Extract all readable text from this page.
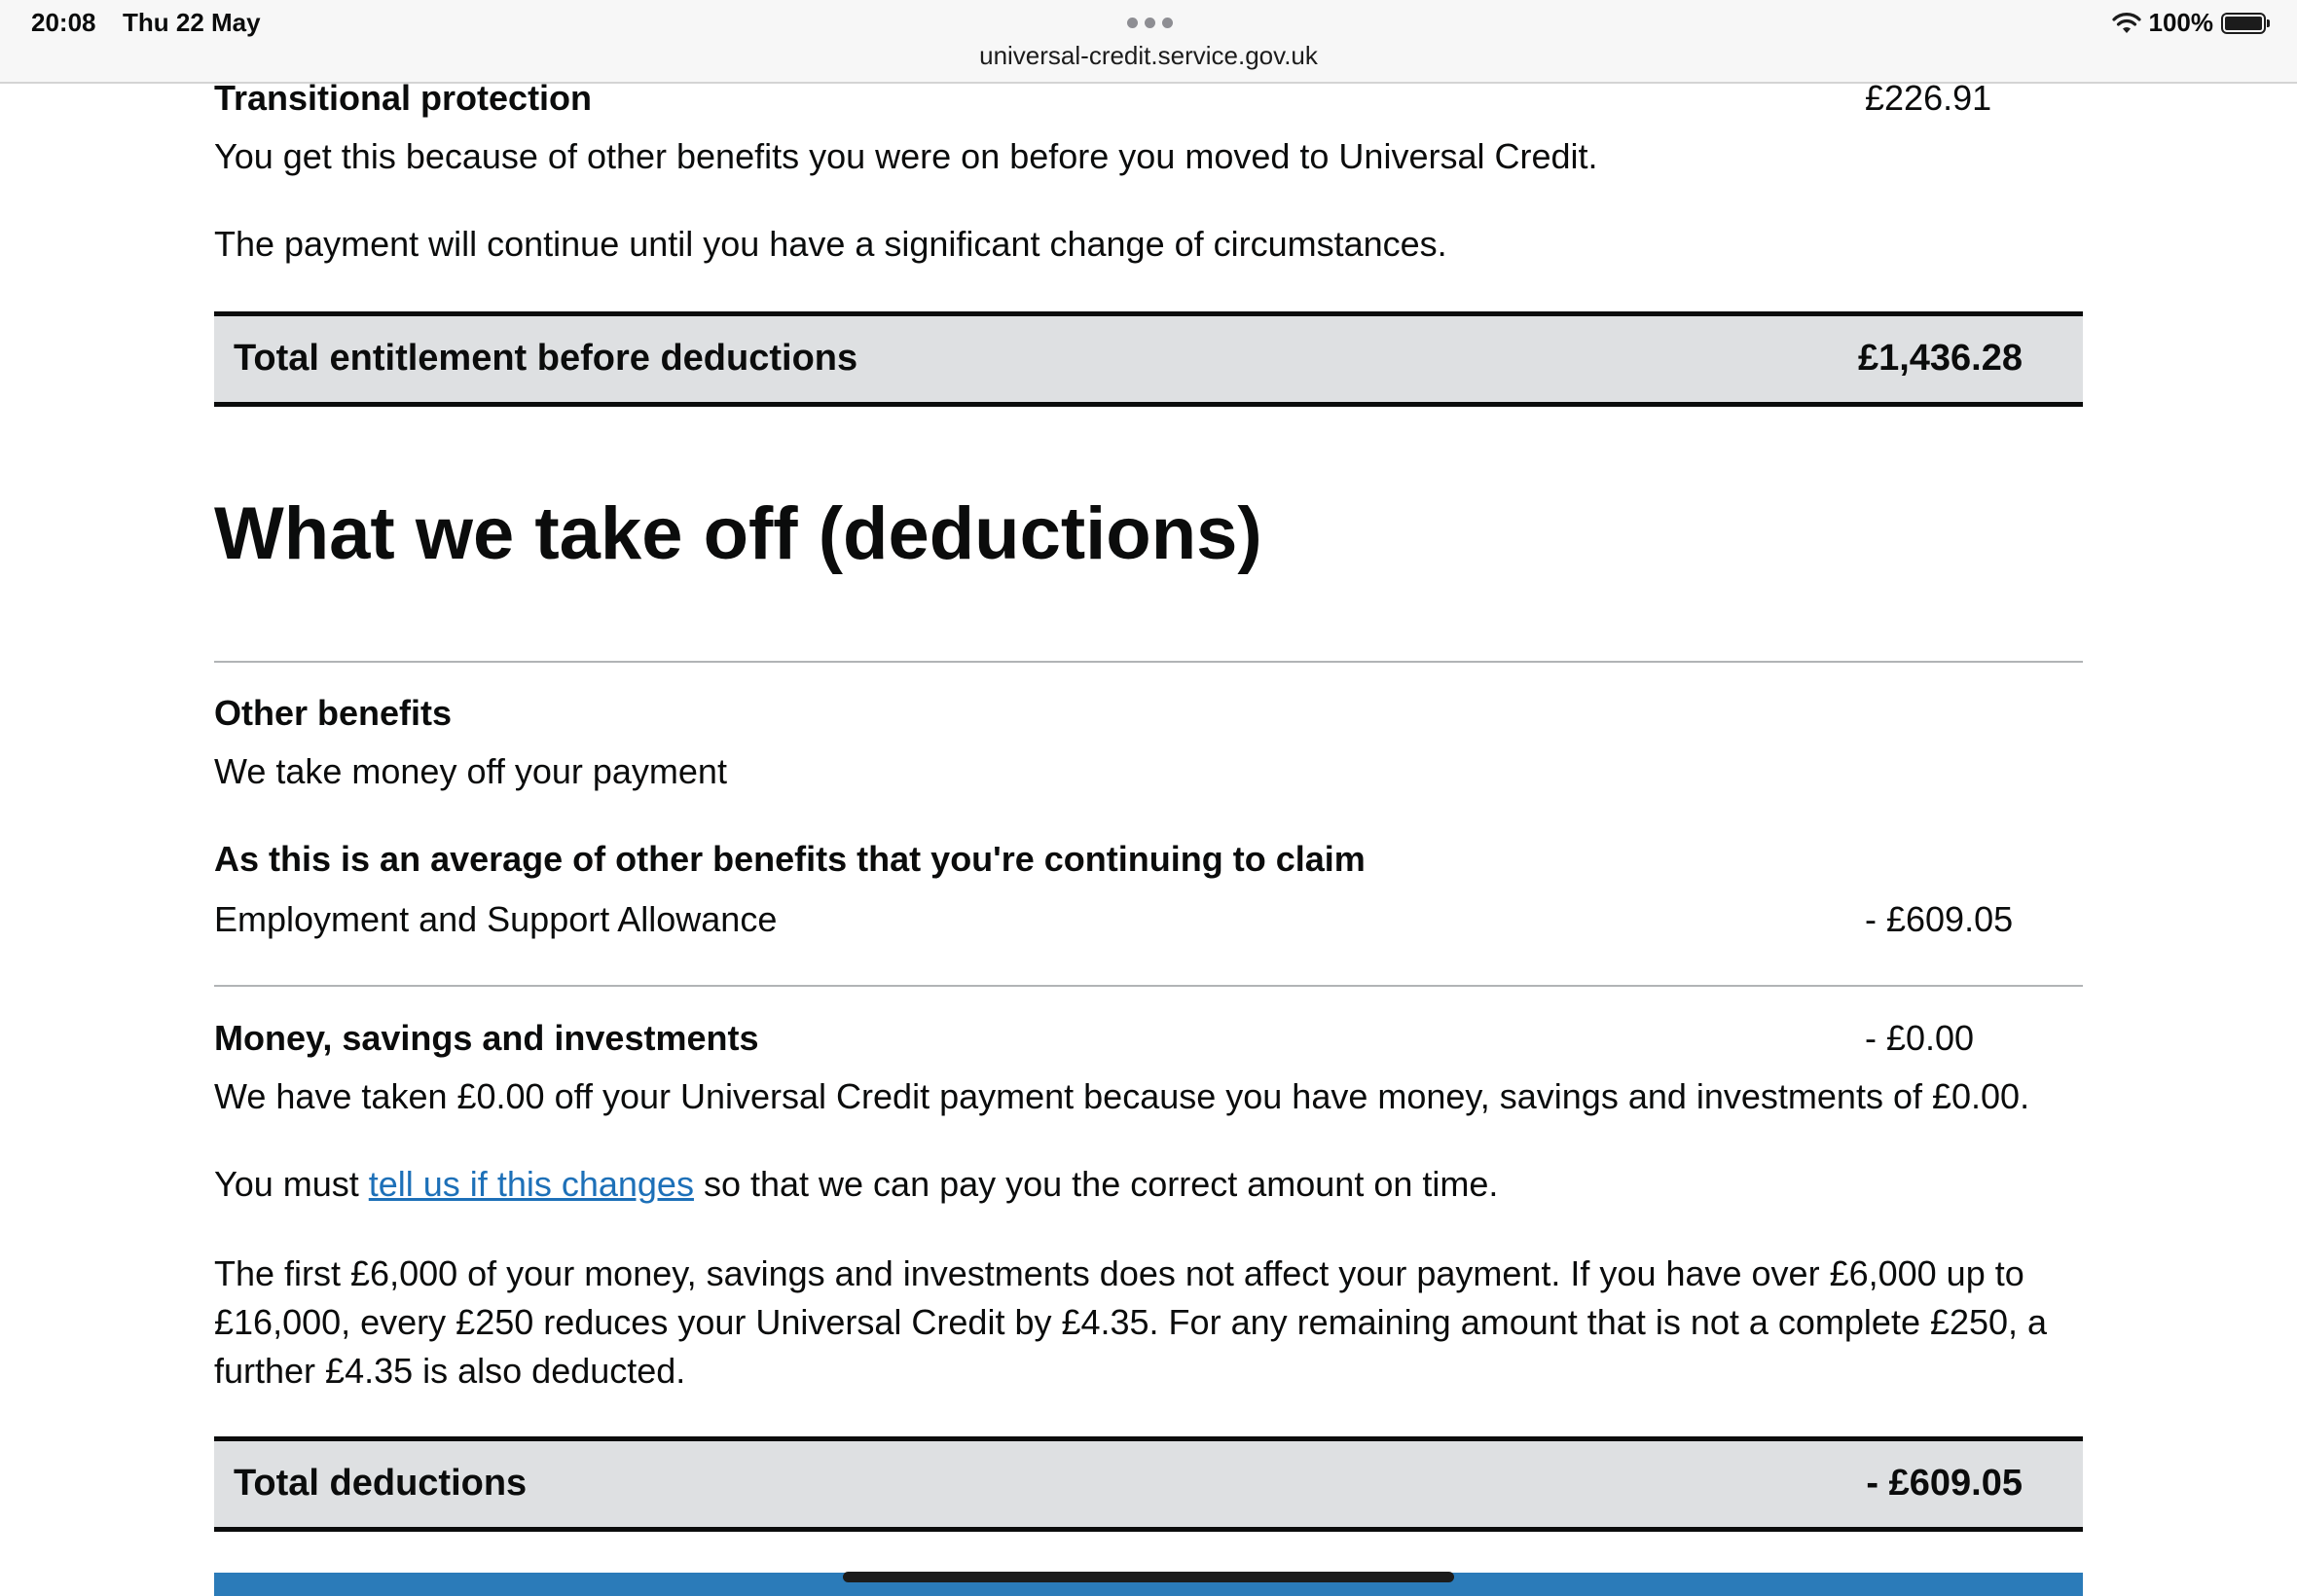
20:08 Thu 22 May
universal-credit.service.gov.uk
100%
Transitional protection	£226.91
You get this because of other benefits you were on before you moved to Universal Credit.
The payment will continue until you have a significant change of circumstances.
Total entitlement before deductions	£1,436.28
What we take off (deductions)
Other benefits
We take money off your payment
As this is an average of other benefits that you're continuing to claim
Employment and Support Allowance	- £609.05
Money, savings and investments	- £0.00
We have taken £0.00 off your Universal Credit payment because you have money, savings and investments of £0.00.
You must tell us if this changes so that we can pay you the correct amount on time.
The first £6,000 of your money, savings and investments does not affect your payment. If you have over £6,000 up to £16,000, every £250 reduces your Universal Credit by £4.35. For any remaining amount that is not a complete £250, a further £4.35 is also deducted.
Total deductions	- £609.05
